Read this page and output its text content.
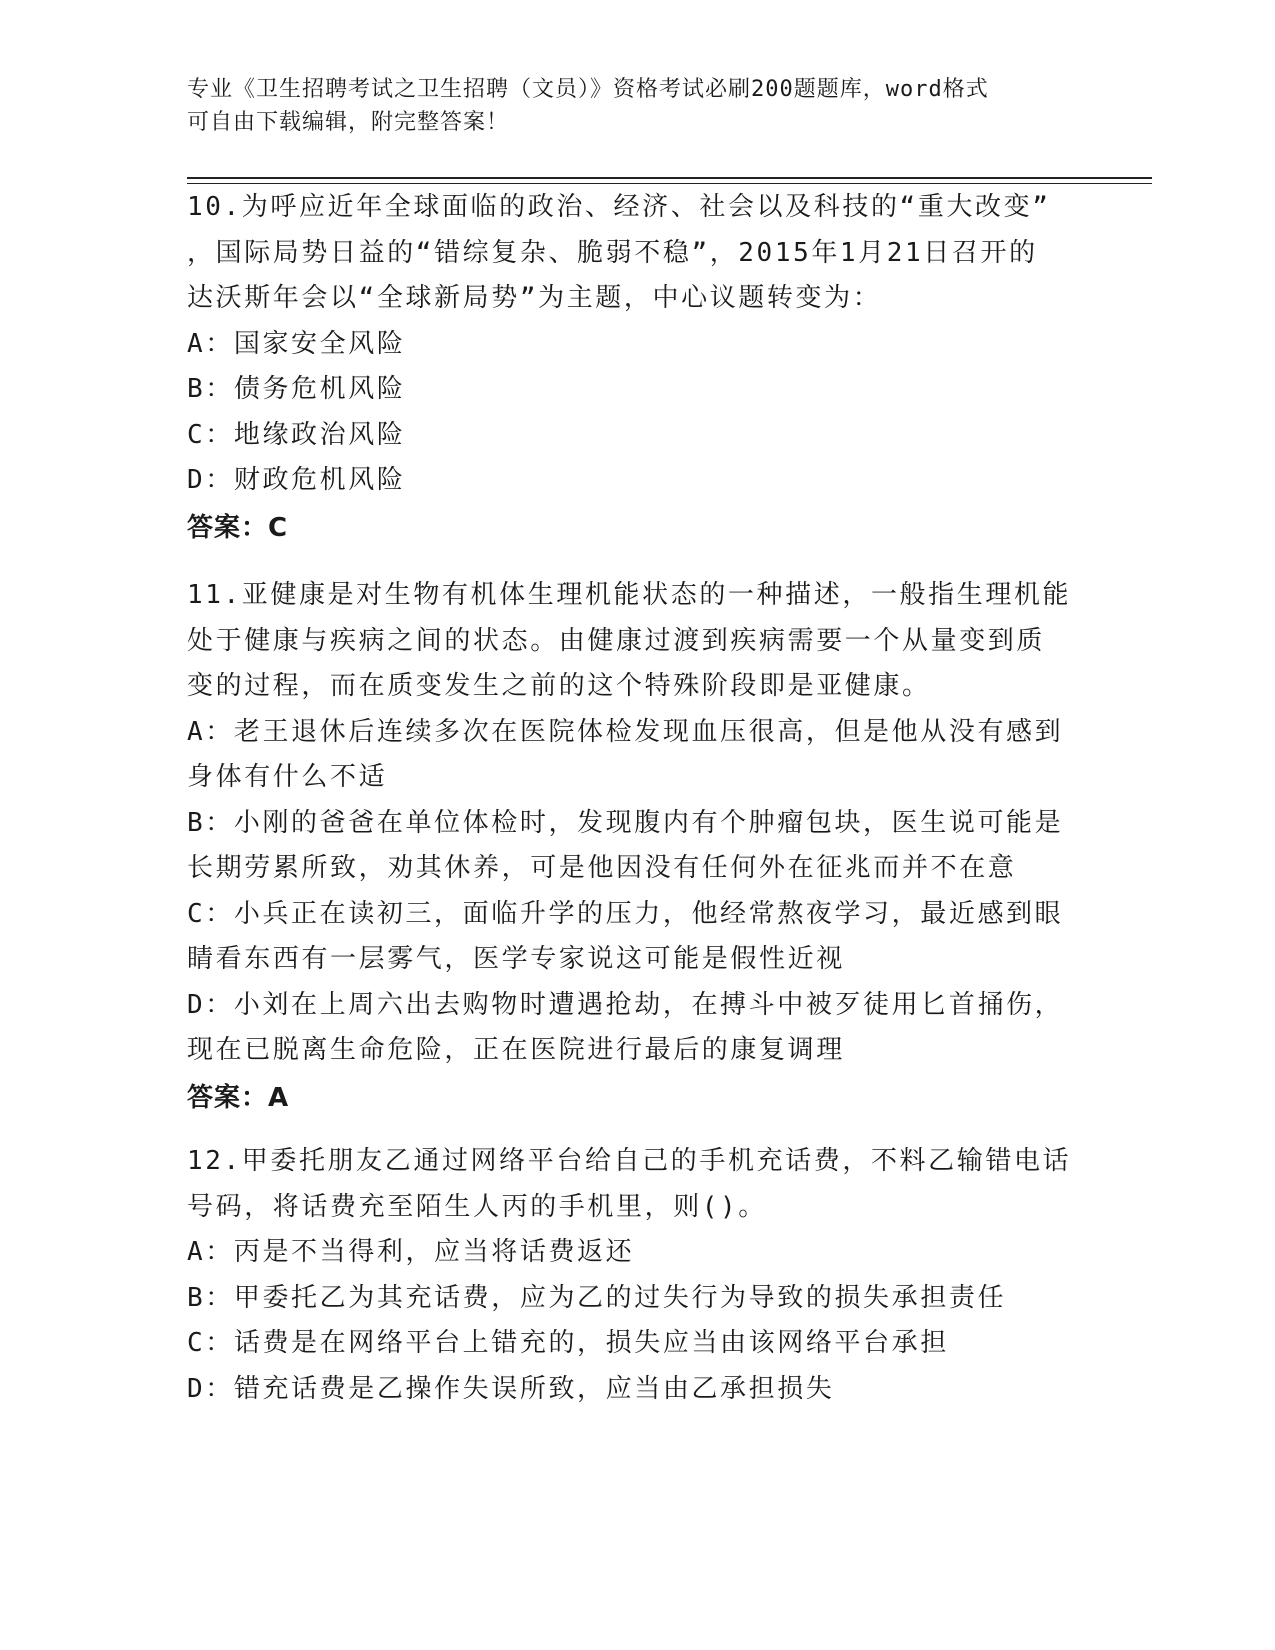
专业《卫生招聘考试之卫生招聘（文员）》资格考试必刷200题题库，word格式
可自由下载编辑，附完整答案！
10.为呼应近年全球面临的政治、经济、社会以及科技的“重大改变”
，国际局势日益的“错综复杂、脆弱不稳”，2015年1月21日召开的
达沃斯年会以“全球新局势”为主题，中心议题转变为：
A：国家安全风险
B：债务危机风险
C：地缘政治风险
D：财政危机风险
答案：C
11.亚健康是对生物有机体生理机能状态的一种描述，一般指生理机能
处于健康与疾病之间的状态。由健康过渡到疾病需要一个从量变到质
变的过程，而在质变发生之前的这个特殊阶段即是亚健康。
A：老王退休后连续多次在医院体检发现血压很高，但是他从没有感到
身体有什么不适
B：小刚的爸爸在单位体检时，发现腹内有个肿瘤包块，医生说可能是
长期劳累所致，劝其休养，可是他因没有任何外在征兆而并不在意
C：小兵正在读初三，面临升学的压力，他经常熬夜学习，最近感到眼
睛看东西有一层雾气，医学专家说这可能是假性近视
D：小刘在上周六出去购物时遭遇抢劫，在搏斗中被歹徒用匕首捅伤，
现在已脱离生命危险，正在医院进行最后的康复调理
答案：A
12.甲委托朋友乙通过网络平台给自己的手机充话费，不料乙输错电话
号码，将话费充至陌生人丙的手机里，则()。
A：丙是不当得利，应当将话费返还
B：甲委托乙为其充话费，应为乙的过失行为导致的损失承担责任
C：话费是在网络平台上错充的，损失应当由该网络平台承担
D：错充话费是乙操作失误所致，应当由乙承担损失
